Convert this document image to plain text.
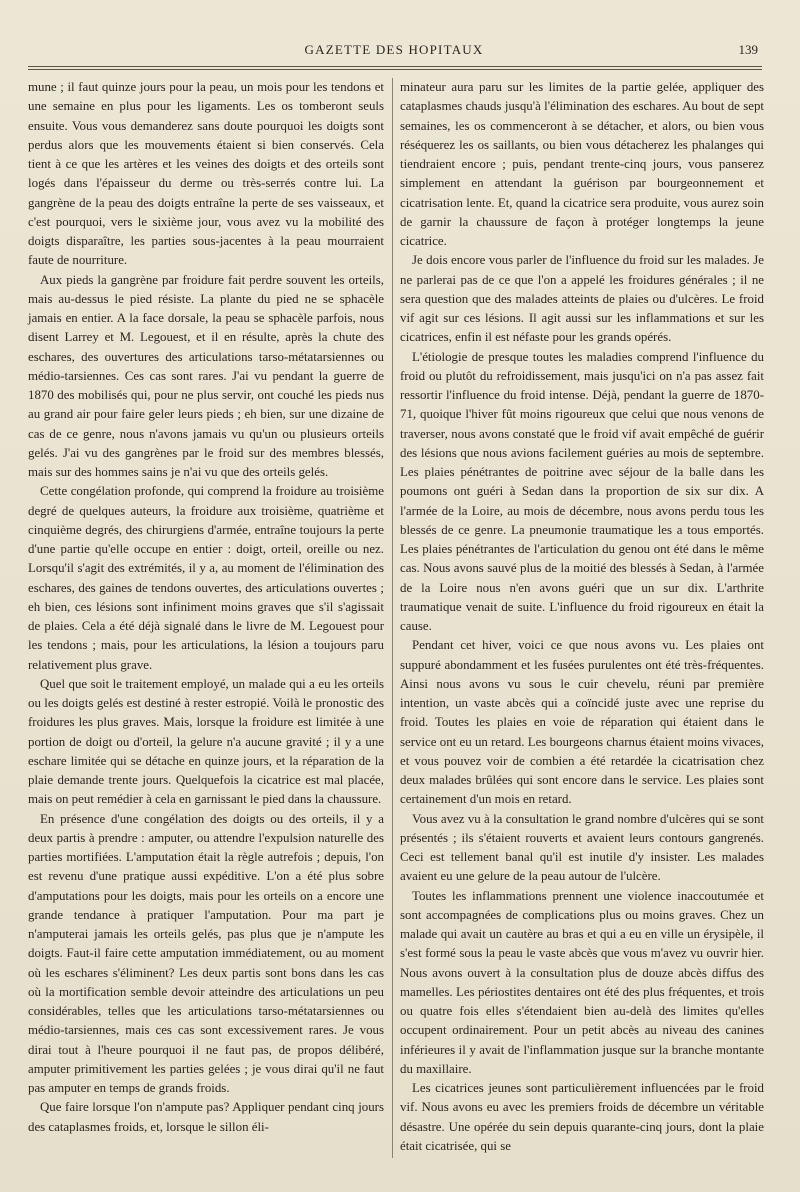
GAZETTE DES HOPITAUX	139

mune ; il faut quinze jours pour la peau, un mois pour les tendons et une semaine en plus pour les ligaments. Les os tomberont seuls ensuite. Vous vous demanderez sans doute pourquoi les doigts sont perdus alors que les mouvements étaient si bien conservés. Cela tient à ce que les artères et les veines des doigts et des orteils sont logés dans l'épaisseur du derme ou très-serrés contre lui. La gangrène de la peau des doigts entraîne la perte de ses vaisseaux, et c'est pourquoi, vers le sixième jour, vous avez vu la mobilité des doigts disparaître, les parties sous-jacentes à la peau mourraient faute de nourriture.

Aux pieds la gangrène par froidure fait perdre souvent les orteils, mais au-dessus le pied résiste. La plante du pied ne se sphacèle jamais en entier. A la face dorsale, la peau se sphacèle parfois, nous disent Larrey et M. Legouest, et il en résulte, après la chute des eschares, des ouvertures des articulations tarso-métatarsiennes ou médio-tarsiennes. Ces cas sont rares. J'ai vu pendant la guerre de 1870 des mobilisés qui, pour ne plus servir, ont couché les pieds nus au grand air pour faire geler leurs pieds ; eh bien, sur une dizaine de cas de ce genre, nous n'avons jamais vu qu'un ou plusieurs orteils gelés. J'ai vu des gangrènes par le froid sur des membres blessés, mais sur des hommes sains je n'ai vu que des orteils gelés.

Cette congélation profonde, qui comprend la froidure au troisième degré de quelques auteurs, la froidure aux troisième, quatrième et cinquième degrés, des chirurgiens d'armée, entraîne toujours la perte d'une partie qu'elle occupe en entier : doigt, orteil, oreille ou nez. Lorsqu'il s'agit des extrémités, il y a, au moment de l'élimination des eschares, des gaines de tendons ouvertes, des articulations ouvertes ; eh bien, ces lésions sont infiniment moins graves que s'il s'agissait de plaies. Cela a été déjà signalé dans le livre de M. Legouest pour les tendons ; mais, pour les articulations, la lésion a toujours paru relativement plus grave.

Quel que soit le traitement employé, un malade qui a eu les orteils ou les doigts gelés est destiné à rester estropié. Voilà le pronostic des froidures les plus graves. Mais, lorsque la froidure est limitée à une portion de doigt ou d'orteil, la gelure n'a aucune gravité ; il y a une eschare limitée qui se détache en quinze jours, et la réparation de la plaie demande trente jours. Quelquefois la cicatrice est mal placée, mais on peut remédier à cela en garnissant le pied dans la chaussure.

En présence d'une congélation des doigts ou des orteils, il y a deux partis à prendre : amputer, ou attendre l'expulsion naturelle des parties mortifiées. L'amputation était la règle autrefois ; depuis, l'on est revenu d'une pratique aussi expéditive. L'on a été plus sobre d'amputations pour les doigts, mais pour les orteils on a encore une grande tendance à pratiquer l'amputation. Pour ma part je n'amputerai jamais les orteils gelés, pas plus que je n'ampute les doigts. Faut-il faire cette amputation immédiatement, ou au moment où les eschares s'éliminent? Les deux partis sont bons dans les cas où la mortification semble devoir atteindre des articulations un peu considérables, telles que les articulations tarso-métatarsiennes ou médio-tarsiennes, mais ces cas sont excessivement rares. Je vous dirai tout à l'heure pourquoi il ne faut pas, de propos délibéré, amputer primitivement les parties gelées ; je vous dirai qu'il ne faut pas amputer en temps de grands froids.

Que faire lorsque l'on n'ampute pas? Appliquer pendant cinq jours des cataplasmes froids, et, lorsque le sillon éli-

minateur aura paru sur les limites de la partie gelée, appliquer des cataplasmes chauds jusqu'à l'élimination des eschares. Au bout de sept semaines, les os commenceront à se détacher, et alors, ou bien vous réséquerez les os saillants, ou bien vous détacherez les phalanges qui tiendraient encore ; puis, pendant trente-cinq jours, vous panserez simplement en attendant la guérison par bourgeonnement et cicatrisation lente. Et, quand la cicatrice sera produite, vous aurez soin de garnir la chaussure de façon à protéger longtemps la jeune cicatrice.

Je dois encore vous parler de l'influence du froid sur les malades. Je ne parlerai pas de ce que l'on a appelé les froidures générales ; il ne sera question que des malades atteints de plaies ou d'ulcères. Le froid vif agit sur ces lésions. Il agit aussi sur les inflammations et sur les cicatrices, enfin il est néfaste pour les grands opérés.

L'étiologie de presque toutes les maladies comprend l'influence du froid ou plutôt du refroidissement, mais jusqu'ici on n'a pas assez fait ressortir l'influence du froid intense. Déjà, pendant la guerre de 1870-71, quoique l'hiver fût moins rigoureux que celui que nous venons de traverser, nous avons constaté que le froid vif avait empêché de guérir des lésions que nous avions facilement guéries au mois de septembre. Les plaies pénétrantes de poitrine avec séjour de la balle dans les poumons ont guéri à Sedan dans la proportion de six sur dix. A l'armée de la Loire, au mois de décembre, nous avons perdu tous les blessés de ce genre. La pneumonie traumatique les a tous emportés. Les plaies pénétrantes de l'articulation du genou ont été dans le même cas. Nous avons sauvé plus de la moitié des blessés à Sedan, à l'armée de la Loire nous n'en avons guéri que un sur dix. L'arthrite traumatique venait de suite. L'influence du froid rigoureux en était la cause.

Pendant cet hiver, voici ce que nous avons vu. Les plaies ont suppuré abondamment et les fusées purulentes ont été très-fréquentes. Ainsi nous avons vu sous le cuir chevelu, réuni par première intention, un vaste abcès qui a coïncidé juste avec une reprise du froid. Toutes les plaies en voie de réparation qui étaient dans le service ont eu un retard. Les bourgeons charnus étaient moins vivaces, et vous pouvez voir de combien a été retardée la cicatrisation chez deux malades brûlées qui sont encore dans le service. Les plaies sont certainement d'un mois en retard.

Vous avez vu à la consultation le grand nombre d'ulcères qui se sont présentés ; ils s'étaient rouverts et avaient leurs contours gangrenés. Ceci est tellement banal qu'il est inutile d'y insister. Les malades avaient eu une gelure de la peau autour de l'ulcère.

Toutes les inflammations prennent une violence inaccoutumée et sont accompagnées de complications plus ou moins graves. Chez un malade qui avait un cautère au bras et qui a eu en ville un érysipèle, il s'est formé sous la peau le vaste abcès que vous m'avez vu ouvrir hier. Nous avons ouvert à la consultation plus de douze abcès diffus des mamelles. Les périostites dentaires ont été des plus fréquentes, et trois ou quatre fois elles s'étendaient bien au-delà des limites qu'elles occupent ordinairement. Pour un petit abcès au niveau des canines inférieures il y avait de l'inflammation jusque sur la branche montante du maxillaire.

Les cicatrices jeunes sont particulièrement influencées par le froid vif. Nous avons eu avec les premiers froids de décembre un véritable désastre. Une opérée du sein depuis quarante-cinq jours, dont la plaie était cicatrisée, qui se
